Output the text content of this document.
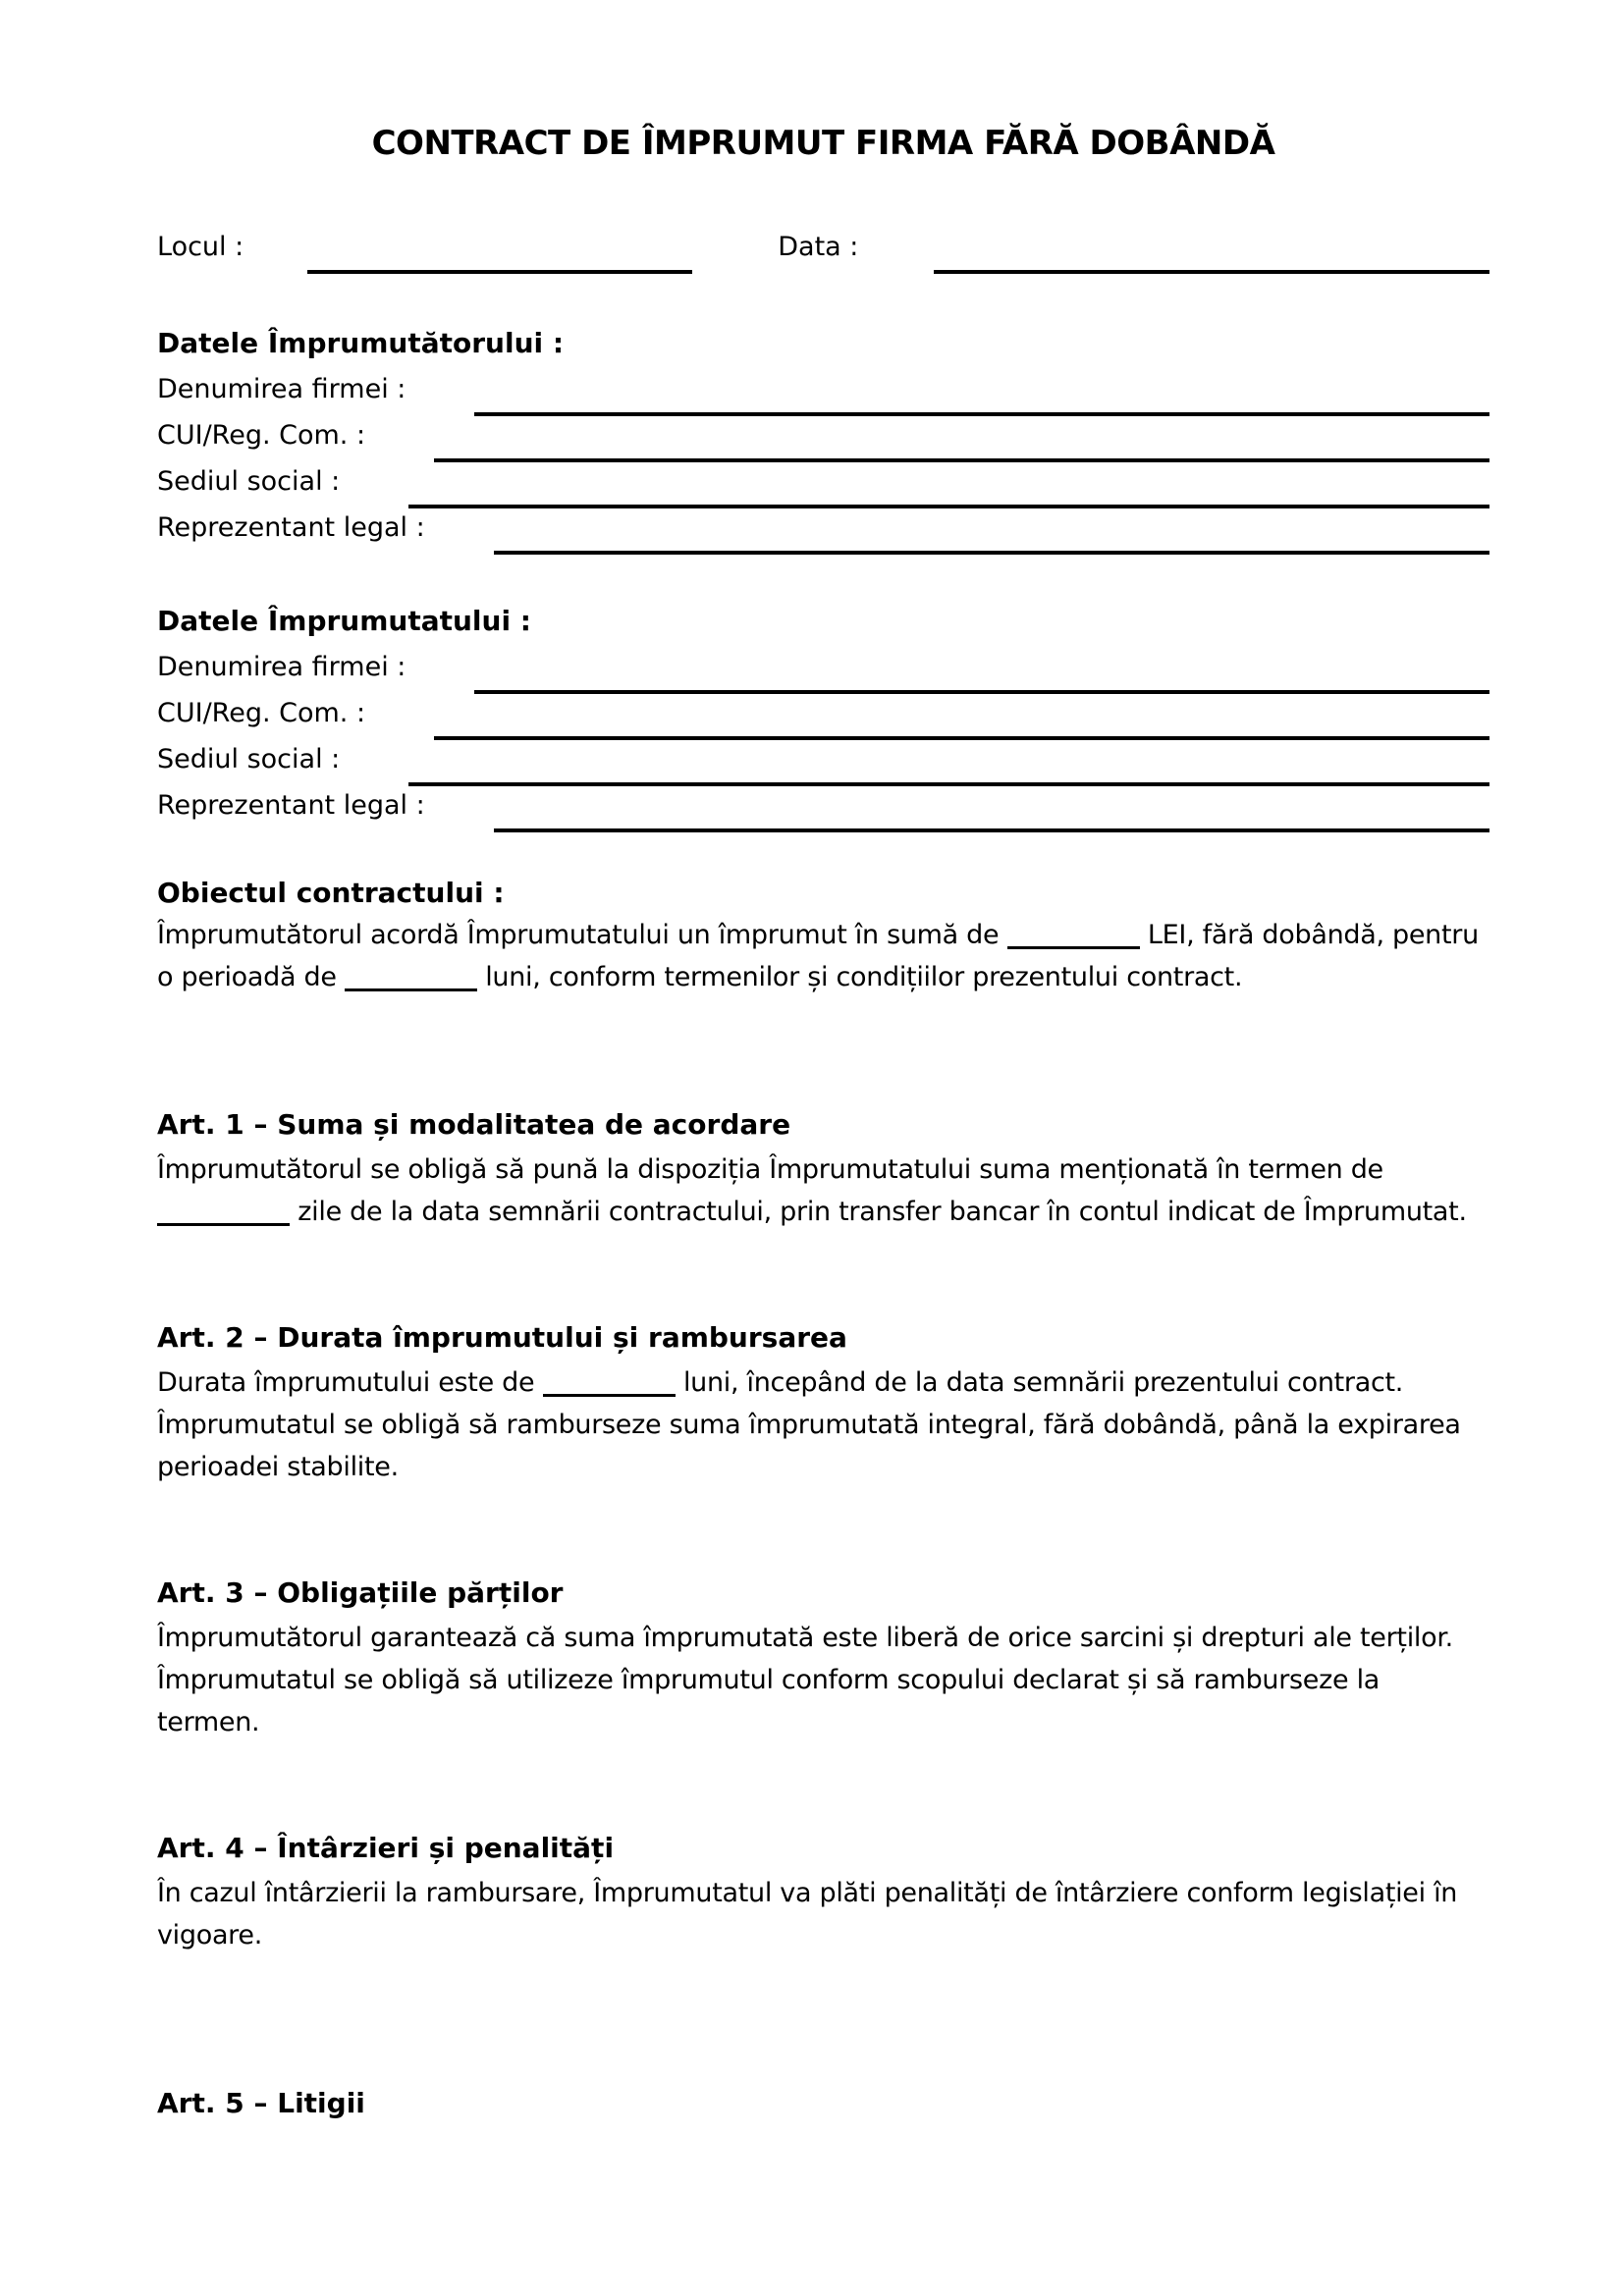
CONTRACT DE ÎMPRUMUT FIRMA FĂRĂ DOBÂNDĂ
Locul :	Data :
Datele Împrumutătorului :
Denumirea firmei :
CUI/Reg. Com. :
Sediul social :
Reprezentant legal :
Datele Împrumutatului :
Denumirea firmei :
CUI/Reg. Com. :
Sediul social :
Reprezentant legal :
Obiectul contractului :

Împrumutătorul acordă Împrumutatului un împrumut în sumă de	LEI, fără dobândă, pentru o perioadă de	luni, conform termenilor și condițiilor prezentului contract.

Art. 1 – Suma și modalitatea de acordare

Împrumutătorul se obligă să pună la dispoziția Împrumutatului suma menționată în termen de  zile de la data semnării contractului, prin transfer bancar în contul indicat de Împrumutat.

Art. 2 – Durata împrumutului și rambursarea

Durata împrumutului este de	luni, începând de la data semnării prezentului contract. Împrumutatul se obligă să ramburseze suma împrumutată integral, fără dobândă, până la expirarea perioadei stabilite.

Art. 3 – Obligațiile părților

Împrumutătorul garantează că suma împrumutată este liberă de orice sarcini și drepturi ale terților. Împrumutatul se obligă să utilizeze împrumutul conform scopului declarat și să ramburseze la termen.

Art. 4 – Întârzieri și penalități

În cazul întârzierii la rambursare, Împrumutatul va plăti penalități de întârziere conform legislației în vigoare.

Art. 5 – Litigii
